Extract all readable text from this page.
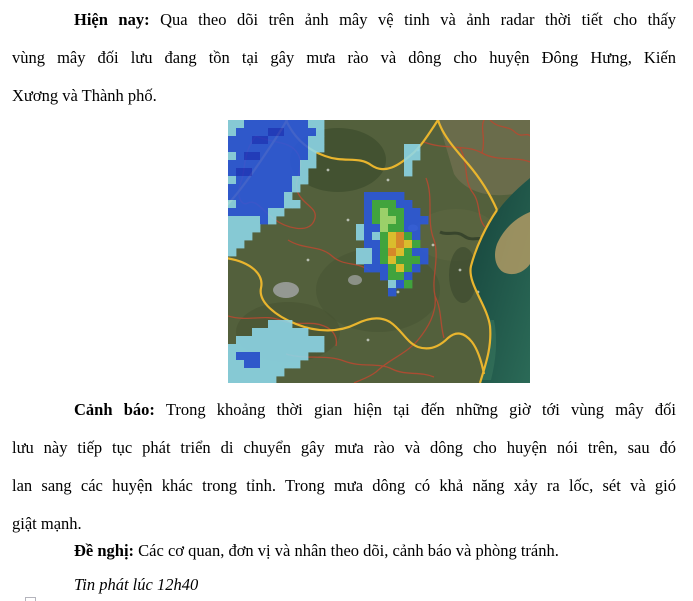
Hiện nay: Qua theo dõi trên ảnh mây vệ tinh và ảnh radar thời tiết cho thấy
vùng mây đối lưu đang tồn tại gây mưa rào và dông cho huyện Đông Hưng, Kiến
Xương và Thành phố.

Cảnh báo: Trong khoảng thời gian hiện tại đến những giờ tới vùng mây đối
lưu này tiếp tục phát triển di chuyển gây mưa rào và dông cho huyện nói trên, sau đó
lan sang các huyện khác trong tỉnh. Trong mưa dông có khả năng xảy ra lốc, sét và gió
giật mạnh.

Đề nghị: Các cơ quan, đơn vị và nhân theo dõi, cảnh báo và phòng tránh.

Tin phát lúc 12h40
